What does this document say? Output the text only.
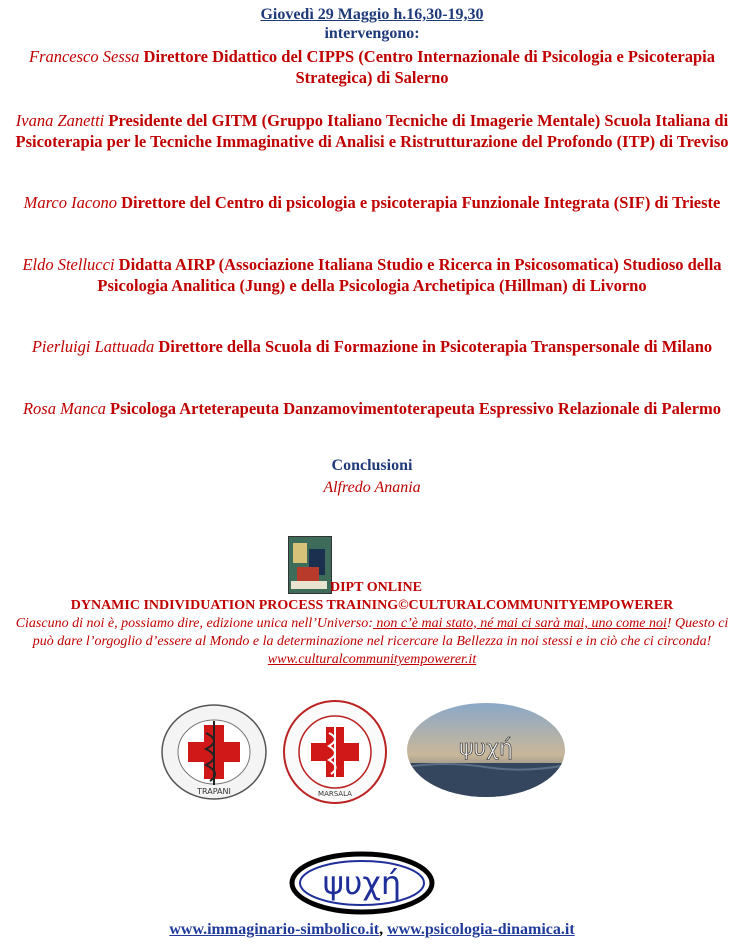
Giovedì 29 Maggio h.16,30-19,30
intervengono:
Francesco Sessa Direttore Didattico del CIPPS (Centro Internazionale di Psicologia e Psicoterapia Strategica) di Salerno
Ivana Zanetti Presidente del GITM (Gruppo Italiano Tecniche di Imagerie Mentale) Scuola Italiana di Psicoterapia per le Tecniche Immaginative di Analisi e Ristrutturazione del Profondo (ITP) di Treviso
Marco Iacono Direttore del Centro di psicologia e psicoterapia Funzionale Integrata (SIF) di Trieste
Eldo Stellucci Didatta AIRP (Associazione Italiana Studio e Ricerca in Psicosomatica) Studioso della Psicologia Analitica (Jung) e della Psicologia Archetipica (Hillman) di Livorno
Pierluigi Lattuada Direttore della Scuola di Formazione in Psicoterapia Transpersonale di Milano
Rosa Manca Psicologa Arteterapeuta Danzamovimentoterapeuta Espressivo Relazionale di Palermo
Conclusioni
Alfredo Anania
DIPT ONLINE
DYNAMIC INDIVIDUATION PROCESS TRAINING©CULTURALCOMMUNITYEMPOWERER
Ciascuno di noi è, possiamo dire, edizione unica nell’Universo: non c’è mai stato, né mai ci sarà mai, uno come noi! Questo ci può dare l’orgoglio d’essere al Mondo e la determinazione nel ricercare la Bellezza in noi stessi e in ciò che ci circonda! www.culturalcommunityempowerer.it
TRAPANI	MARSALA
ψυχή
ψυχή
www.immaginario-simbolico.it, www.psicologia-dinamica.it
